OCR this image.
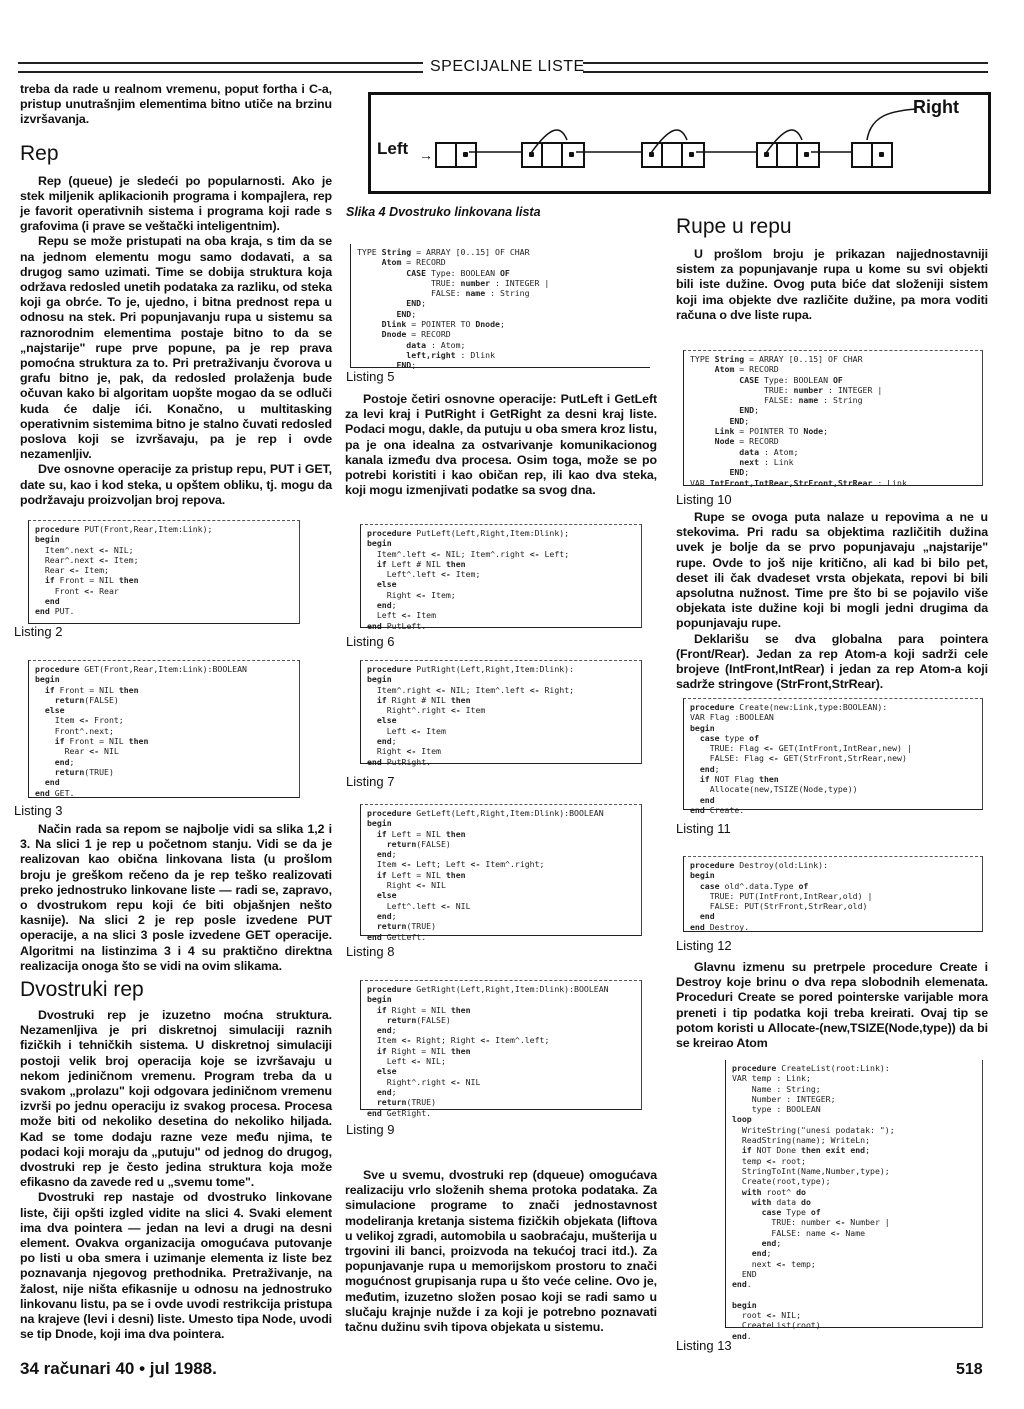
SPECIJALNE LISTE

treba da rade u realnom vremenu, poput fortha i C-a, pristup unutrašnjim elementima bitno utiče na brzinu izvršavanja.

Rep

Rep (queue) je sledeći po popularnosti. Ako je stek miljenik aplikacionih programa i kompajlera, rep je favorit operativnih sistema i programa koji rade s grafovima (i prave se veštački inteligentnim).

Repu se može pristupati na oba kraja, s tim da se na jednom elementu mogu samo dodavati, a sa drugog samo uzimati. Time se dobija struktura koja održava redosled unetih podataka za razliku, od steka koji ga obrće. To je, ujedno, i bitna prednost repa u odnosu na stek. Pri popunjavanju rupa u sistemu sa raznorodnim elementima postaje bitno to da se „najstarije" rupe prve popune, pa je rep prava pomoćna struktura za to. Pri pretraživanju čvorova u grafu bitno je, pak, da redosled prolaženja bude očuvan kako bi algoritam uopšte mogao da se odluči kuda će dalje ići. Konačno, u multitasking operativnim sistemima bitno je stalno čuvati redosled poslova koji se izvršavaju, pa je rep i ovde nezamenljiv.

Dve osnovne operacije za pristup repu, PUT i GET, date su, kao i kod steka, u opštem obliku, tj. mogu da podržavaju proizvoljan broj repova.

procedure PUT(Front,Rear,Item:Link);
begin
Item^.next <- NIL;
Rear^.next <- Item;
Rear <- Item;
if Front = NIL then
Front <- Rear
end
end PUT.
Listing 2
procedure GET(Front,Rear,Item:Link):BOOLEAN
begin
if Front = NIL then
return(FALSE)
else
Item <- Front;
Front^.next;
if Front = NIL then
Rear <- NIL
end;
return(TRUE)
end
end GET.
Listing 3

Način rada sa repom se najbolje vidi sa slika 1,2 i 3. Na slici 1 je rep u početnom stanju. Vidi se da je realizovan kao obična linkovana lista (u prošlom broju je greškom rečeno da je rep teško realizovati preko jednostruko linkovane liste — radi se, zapravo, o dvostrukom repu koji će biti objašnjen nešto kasnije). Na slici 2 je rep posle izvedene PUT operacije, a na slici 3 posle izvedene GET operacije. Algoritmi na listinzima 3 i 4 su praktično direktna realizacija onoga što se vidi na ovim slikama.

Dvostruki rep

Dvostruki rep je izuzetno moćna struktura. Nezamenljiva je pri diskretnoj simulaciji raznih fizičkih i tehničkih sistema. U diskretnoj simulaciji postoji velik broj operacija koje se izvršavaju u nekom jediničnom vremenu. Program treba da u svakom „prolazu" koji odgovara jediničnom vremenu izvrši po jednu operaciju iz svakog procesa. Procesa može biti od nekoliko desetina do nekoliko hiljada. Kad se tome dodaju razne veze među njima, te podaci koji moraju da „putuju" od jednog do drugog, dvostruki rep je često jedina struktura koja može efikasno da zavede red u „svemu tome".

Dvostruki rep nastaje od dvostruko linkovane liste, čiji opšti izgled vidite na slici 4. Svaki element ima dva pointera — jedan na levi a drugi na desni element. Ovakva organizacija omogućava putovanje po listi u oba smera i uzimanje elementa iz liste bez poznavanja njegovog prethodnika. Pretraživanje, na žalost, nije ništa efikasnije u odnosu na jednostruko linkovanu listu, pa se i ovde uvodi restrikcija pristupa na krajeve (levi i desni) liste. Umesto tipa Node, uvodi se tip Dnode, koji ima dva pointera.

Left →
Right
Slika 4 Dvostruko linkovana lista
TYPE String = ARRAY [0..15] OF CHAR
Atom = RECORD
CASE Type: BOOLEAN OF
TRUE: number : INTEGER |
FALSE: name : String
END;
END;
Dlink = POINTER TO Dnode;
Dnode = RECORD
data : Atom;
left,right : Dlink
END;
Listing 5

Postoje četiri osnovne operacije: PutLeft i GetLeft za levi kraj i PutRight i GetRight za desni kraj liste. Podaci mogu, dakle, da putuju u oba smera kroz listu, pa je ona idealna za ostvarivanje komunikacionog kanala između dva procesa. Osim toga, može se po potrebi koristiti i kao običan rep, ili kao dva steka, koji mogu izmenjivati podatke sa svog dna.

procedure PutLeft(Left,Right,Item:Dlink);
begin
Item^.left <- NIL; Item^.right <- Left;
if Left # NIL then
Left^.left <- Item;
else
Right <- Item;
end;
Left <- Item
end PutLeft.
Listing 6
procedure PutRight(Left,Right,Item:Dlink):
begin
Item^.right <- NIL; Item^.left <- Right;
if Right # NIL then
Right^.right <- Item
else
Left <- Item
end;
Right <- Item
end PutRight.
Listing 7
procedure GetLeft(Left,Right,Item:Dlink):BOOLEAN
begin
if Left = NIL then
return(FALSE)
end;
Item <- Left; Left <- Item^.right;
if Left = NIL then
Right <- NIL
else
Left^.left <- NIL
end;
return(TRUE)
end GetLeft.
Listing 8
procedure GetRight(Left,Right,Item:Dlink):BOOLEAN
begin
if Right = NIL then
return(FALSE)
end;
Item <- Right; Right <- Item^.left;
if Right = NIL then
Left <- NIL;
else
Right^.right <- NIL
end;
return(TRUE)
end GetRight.
Listing 9

Sve u svemu, dvostruki rep (dqueue) omogućava realizaciju vrlo složenih shema protoka podataka. Za simulacione programe to znači jednostavnost modeliranja kretanja sistema fizičkih objekata (liftova u velikoj zgradi, automobila u saobraćaju, mušterija u trgovini ili banci, proizvoda na tekućoj traci itd.). Za popunjavanje rupa u memorijskom prostoru to znači mogućnost grupisanja rupa u što veće celine. Ovo je, međutim, izuzetno složen posao koji se radi samo u slučaju krajnje nužde i za koji je potrebno poznavati tačnu dužinu svih tipova objekata u sistemu.

Rupe u repu

U prošlom broju je prikazan najjednostavniji sistem za popunjavanje rupa u kome su svi objekti bili iste dužine. Ovog puta biće dat složeniji sistem koji ima objekte dve različite dužine, pa mora voditi računa o dve liste rupa.

TYPE String = ARRAY [0..15] OF CHAR
Atom = RECORD
CASE Type: BOOLEAN OF
TRUE: number : INTEGER |
FALSE: name : String
END;
END;
Link = POINTER TO Node;
Node = RECORD
data : Atom;
next : Link
END;
VAR IntFront,IntRear,StrFront,StrRear : Link
Listing 10

Rupe se ovoga puta nalaze u repovima a ne u stekovima. Pri radu sa objektima različitih dužina uvek je bolje da se prvo popunjavaju „najstarije" rupe. Ovde to još nije kritično, ali kad bi bilo pet, deset ili čak dvadeset vrsta objekata, repovi bi bili apsolutna nužnost. Time pre što bi se pojavilo više objekata iste dužine koji bi mogli jedni drugima da popunjavaju rupe.

Deklarišu se dva globalna para pointera (Front/Rear). Jedan za rep Atom-a koji sadrži cele brojeve (IntFront,IntRear) i jedan za rep Atom-a koji sadrže stringove (StrFront,StrRear).

procedure Create(new:Link,type:BOOLEAN):
VAR Flag :BOOLEAN
begin
case type of
TRUE: Flag <- GET(IntFront,IntRear,new) |
FALSE: Flag <- GET(StrFront,StrRear,new)
end;
if NOT Flag then
Allocate(new,TSIZE(Node,type))
end
end Create.
Listing 11
procedure Destroy(old:Link):
begin
case old^.data.Type of
TRUE: PUT(IntFront,IntRear,old) |
FALSE: PUT(StrFront,StrRear,old)
end
end Destroy.
Listing 12

Glavnu izmenu su pretrpele procedure Create i Destroy koje brinu o dva repa slobodnih elemenata. Proceduri Create se pored pointerske varijable mora preneti i tip podatka koji treba kreirati. Ovaj tip se potom koristi u Allocate-(new,TSIZE(Node,type)) da bi se kreirao Atom

procedure CreateList(root:Link):
VAR temp : Link;
Name : String;
Number : INTEGER;
type : BOOLEAN
loop
WriteString("unesi podatak: ");
ReadString(name); WriteLn;
if NOT Done then exit end;
temp <- root;
StringToInt(Name,Number,type);
Create(root,type);
with root^ do
with data do
case Type of
TRUE: number <- Number |
FALSE: name <- Name
end;
end;
next <- temp;
END
end.

begin
root <- NIL;
CreateList(root)
end.
Listing 13
34 računari 40 • jul 1988.	518
